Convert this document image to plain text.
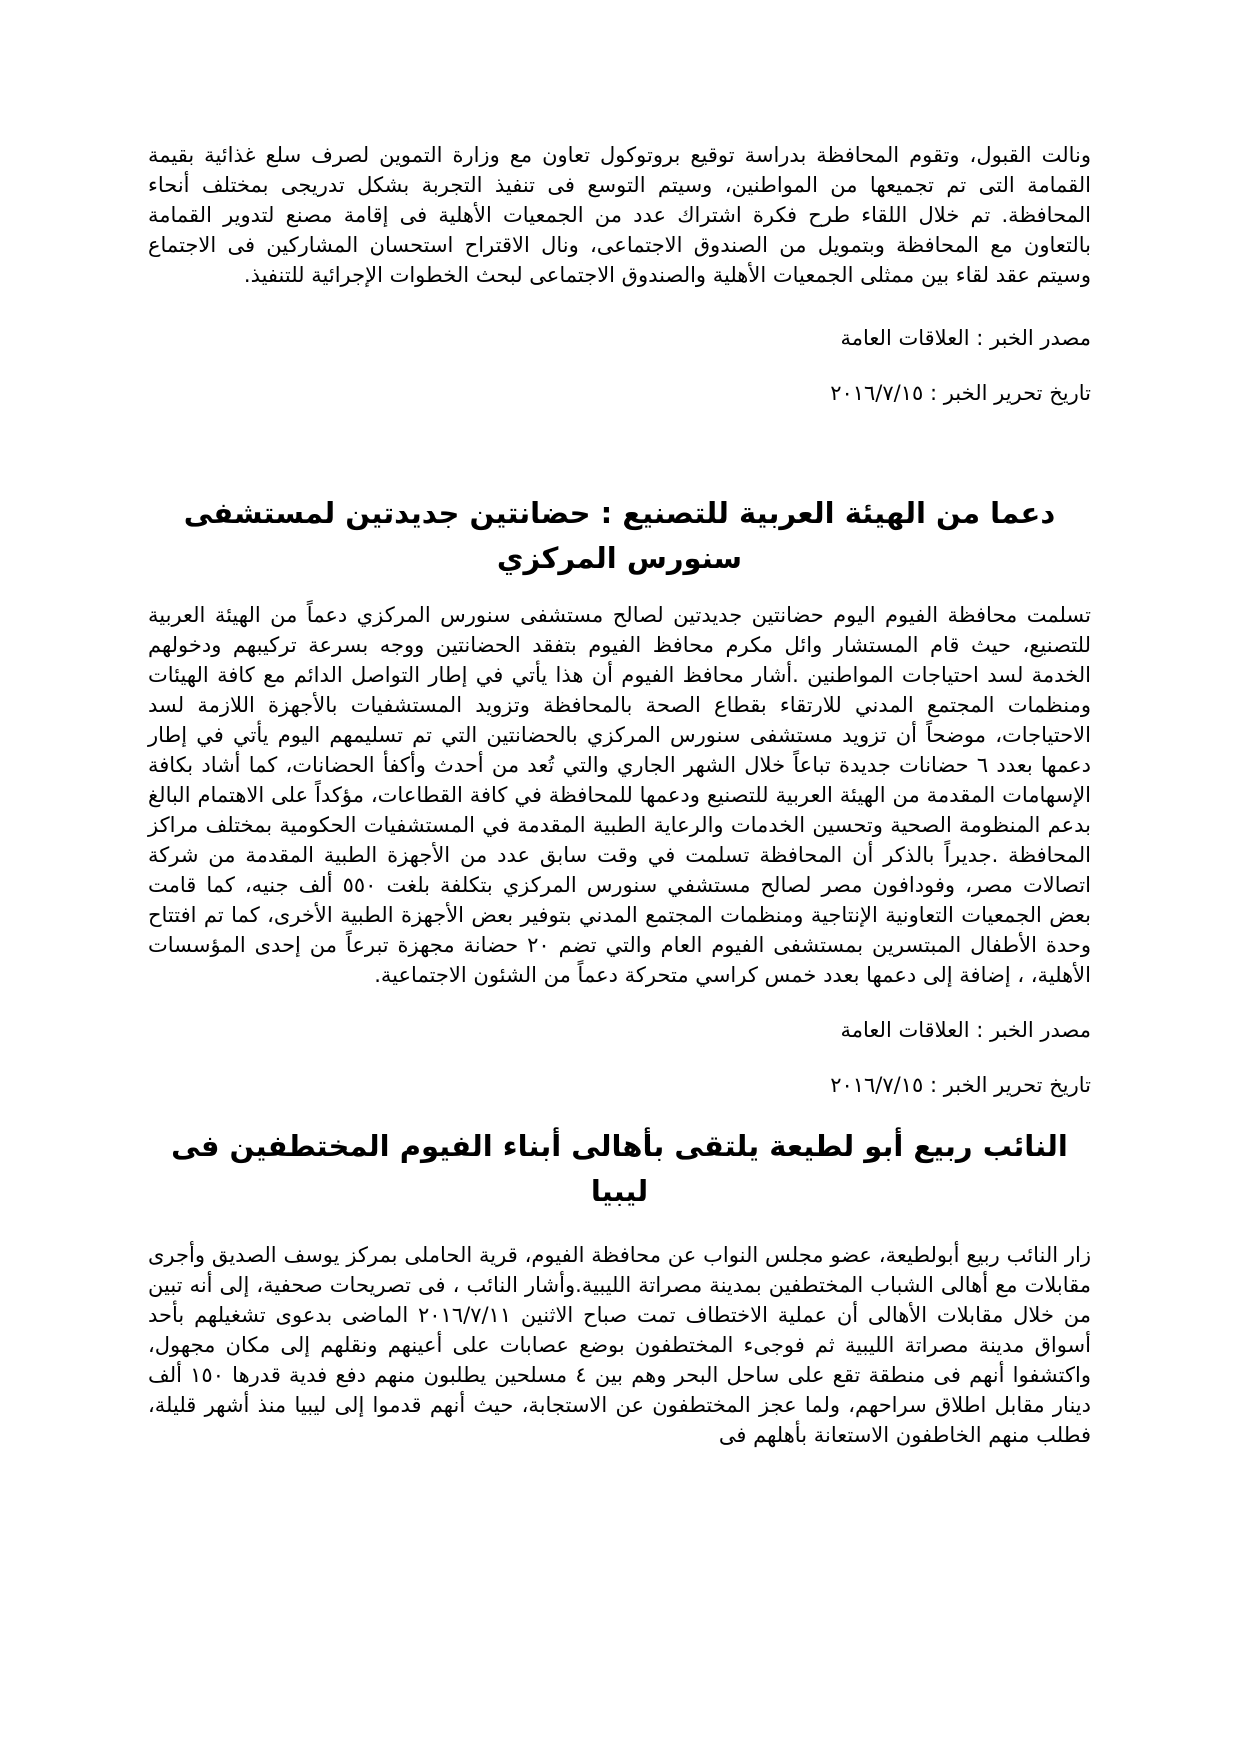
ونالت القبول، وتقوم المحافظة بدراسة توقيع بروتوكول تعاون مع وزارة التموين لصرف سلع غذائية بقيمة القمامة التى تم تجميعها من المواطنين، وسيتم التوسع فى تنفيذ التجربة بشكل تدريجى بمختلف أنحاء المحافظة. تم خلال اللقاء طرح فكرة اشتراك عدد من الجمعيات الأهلية فى إقامة مصنع لتدوير القمامة بالتعاون مع المحافظة وبتمويل من الصندوق الاجتماعى، ونال الاقتراح استحسان المشاركين فى الاجتماع وسيتم عقد لقاء بين ممثلى الجمعيات الأهلية والصندوق الاجتماعى لبحث الخطوات الإجرائية للتنفيذ.

مصدر الخبر : العلاقات العامة

تاريخ تحرير الخبر : ٢٠١٦/٧/١٥

دعما من الهيئة العربية للتصنيع : حضانتين جديدتين لمستشفى سنورس المركزي

تسلمت محافظة الفيوم اليوم حضانتين جديدتين لصالح مستشفى سنورس المركزي دعماً من الهيئة العربية للتصنيع، حيث قام المستشار وائل مكرم محافظ الفيوم بتفقد الحضانتين ووجه بسرعة تركيبهم ودخولهم الخدمة لسد احتياجات المواطنين .أشار محافظ الفيوم أن هذا يأتي في إطار التواصل الدائم مع كافة الهيئات ومنظمات المجتمع المدني للارتقاء بقطاع الصحة بالمحافظة وتزويد المستشفيات بالأجهزة اللازمة لسد الاحتياجات، موضحاً أن تزويد مستشفى سنورس المركزي بالحضانتين التي تم تسليمهم اليوم يأتي في إطار دعمها بعدد ٦ حضانات جديدة تباعاً خلال الشهر الجاري والتي تُعد من أحدث وأكفأ الحضانات، كما أشاد بكافة الإسهامات المقدمة من الهيئة العربية للتصنيع ودعمها للمحافظة في كافة القطاعات، مؤكداً على الاهتمام البالغ بدعم المنظومة الصحية وتحسين الخدمات والرعاية الطبية المقدمة في المستشفيات الحكومية بمختلف مراكز المحافظة .جديراً بالذكر أن المحافظة تسلمت في وقت سابق عدد من الأجهزة الطبية المقدمة من شركة اتصالات مصر، وفودافون مصر لصالح مستشفي سنورس المركزي بتكلفة بلغت ٥٥٠ ألف جنيه، كما قامت بعض الجمعيات التعاونية الإنتاجية ومنظمات المجتمع المدني بتوفير بعض الأجهزة الطبية الأخرى، كما تم افتتاح وحدة الأطفال المبتسرين بمستشفى الفيوم العام والتي تضم ٢٠ حضانة مجهزة تبرعاً من إحدى المؤسسات الأهلية، ، إضافة إلى دعمها بعدد خمس كراسي متحركة دعماً من الشئون الاجتماعية.

مصدر الخبر : العلاقات العامة

تاريخ تحرير الخبر : ٢٠١٦/٧/١٥

النائب ربيع أبو لطيعة يلتقى بأهالى أبناء الفيوم المختطفين فى ليبيا

زار النائب ربيع أبولطيعة، عضو مجلس النواب عن محافظة الفيوم، قرية الحاملى بمركز يوسف الصديق وأجرى مقابلات مع أهالى الشباب المختطفين بمدينة مصراتة الليبية.وأشار النائب ، فى تصريحات صحفية، إلى أنه تبين من خلال مقابلات الأهالى أن عملية الاختطاف تمت صباح الاثنين ٢٠١٦/٧/١١ الماضى بدعوى تشغيلهم بأحد أسواق مدينة مصراتة الليبية ثم فوجىء المختطفون بوضع عصابات على أعينهم ونقلهم إلى مكان مجهول، واكتشفوا أنهم فى منطقة تقع على ساحل البحر وهم بين ٤ مسلحين يطلبون منهم دفع فدية قدرها ١٥٠ ألف دينار مقابل اطلاق سراحهم، ولما عجز المختطفون عن الاستجابة، حيث أنهم قدموا إلى ليبيا منذ أشهر قليلة، فطلب منهم الخاطفون الاستعانة بأهلهم فى
